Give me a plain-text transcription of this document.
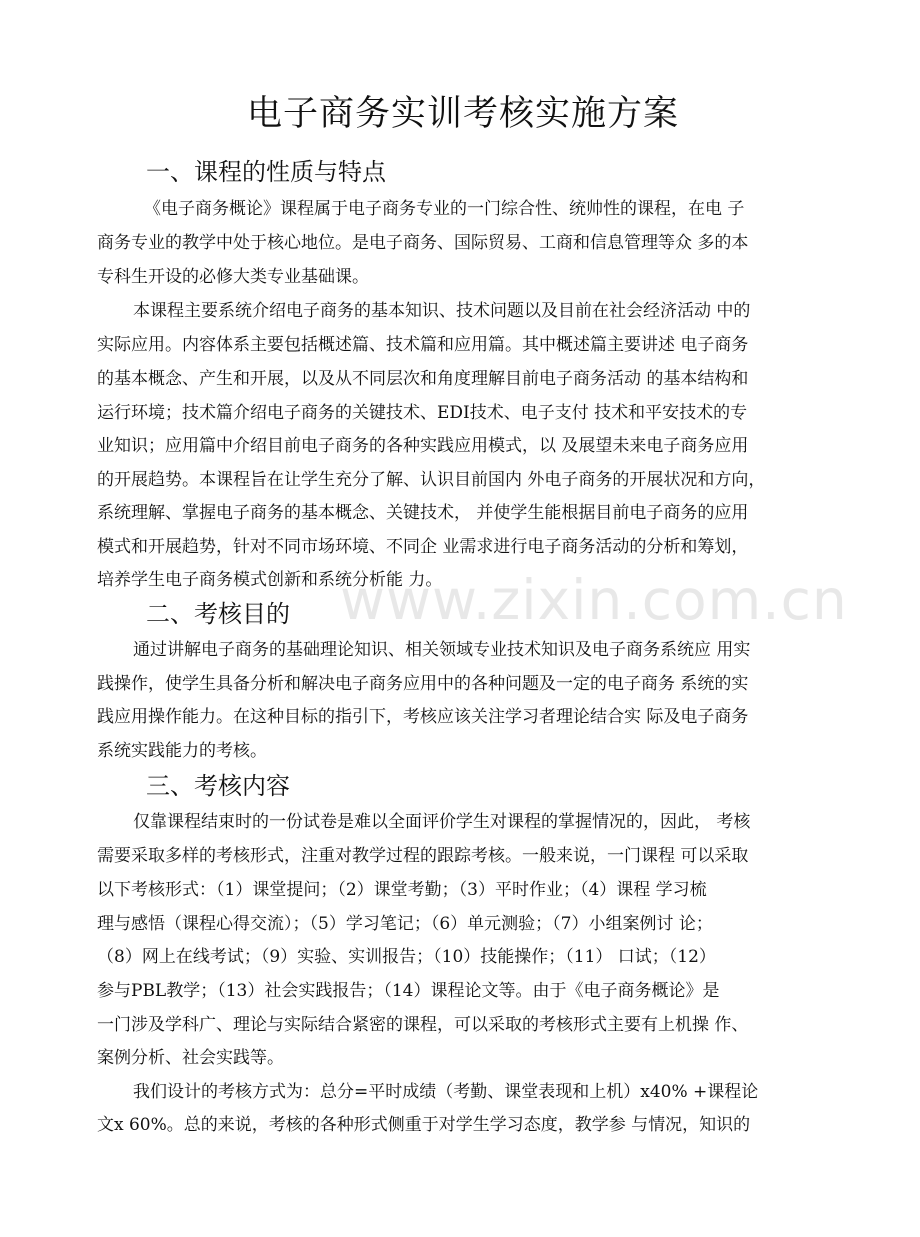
www.zixin.com.cn
电子商务实训考核实施方案
一、课程的性质与特点

《电子商务概论》课程属于电子商务专业的一门综合性、统帅性的课程，在电 子

商务专业的教学中处于核心地位。是电子商务、国际贸易、工商和信息管理等众 多的本

专科生开设的必修大类专业基础课。

本课程主要系统介绍电子商务的基本知识、技术问题以及目前在社会经济活动 中的

实际应用。内容体系主要包括概述篇、技术篇和应用篇。其中概述篇主要讲述 电子商务

的基本概念、产生和开展，以及从不同层次和角度理解目前电子商务活动 的基本结构和

运行环境；技术篇介绍电子商务的关键技术、EDI技术、电子支付 技术和平安技术的专

业知识；应用篇中介绍目前电子商务的各种实践应用模式，以 及展望未来电子商务应用

的开展趋势。本课程旨在让学生充分了解、认识目前国内 外电子商务的开展状况和方向，

系统理解、掌握电子商务的基本概念、关键技术， 并使学生能根据目前电子商务的应用

模式和开展趋势，针对不同市场环境、不同企 业需求进行电子商务活动的分析和筹划，

培养学生电子商务模式创新和系统分析能 力。

二、考核目的

通过讲解电子商务的基础理论知识、相关领域专业技术知识及电子商务系统应 用实

践操作，使学生具备分析和解决电子商务应用中的各种问题及一定的电子商务 系统的实

践应用操作能力。在这种目标的指引下，考核应该关注学习者理论结合实 际及电子商务

系统实践能力的考核。

三、考核内容

仅靠课程结束时的一份试卷是难以全面评价学生对课程的掌握情况的，因此， 考核

需要采取多样的考核形式，注重对教学过程的跟踪考核。一般来说，一门课程 可以采取

以下考核形式：（1）课堂提问；（2）课堂考勤；（3）平时作业；（4）课程 学习梳

理与感悟（课程心得交流）；（5）学习笔记；（6）单元测验；（7）小组案例讨 论；

（8）网上在线考试；（9）实验、实训报告；（10）技能操作；（11） 口试；（12）

参与PBL教学；（13）社会实践报告；（14）课程论文等。由于《电子商务概论》是

一门涉及学科广、理论与实际结合紧密的课程，可以采取的考核形式主要有上机操 作、

案例分析、社会实践等。

我们设计的考核方式为：总分=平时成绩（考勤、课堂表现和上机）x40% +课程论

文x 60%。总的来说，考核的各种形式侧重于对学生学习态度，教学参 与情况，知识的
